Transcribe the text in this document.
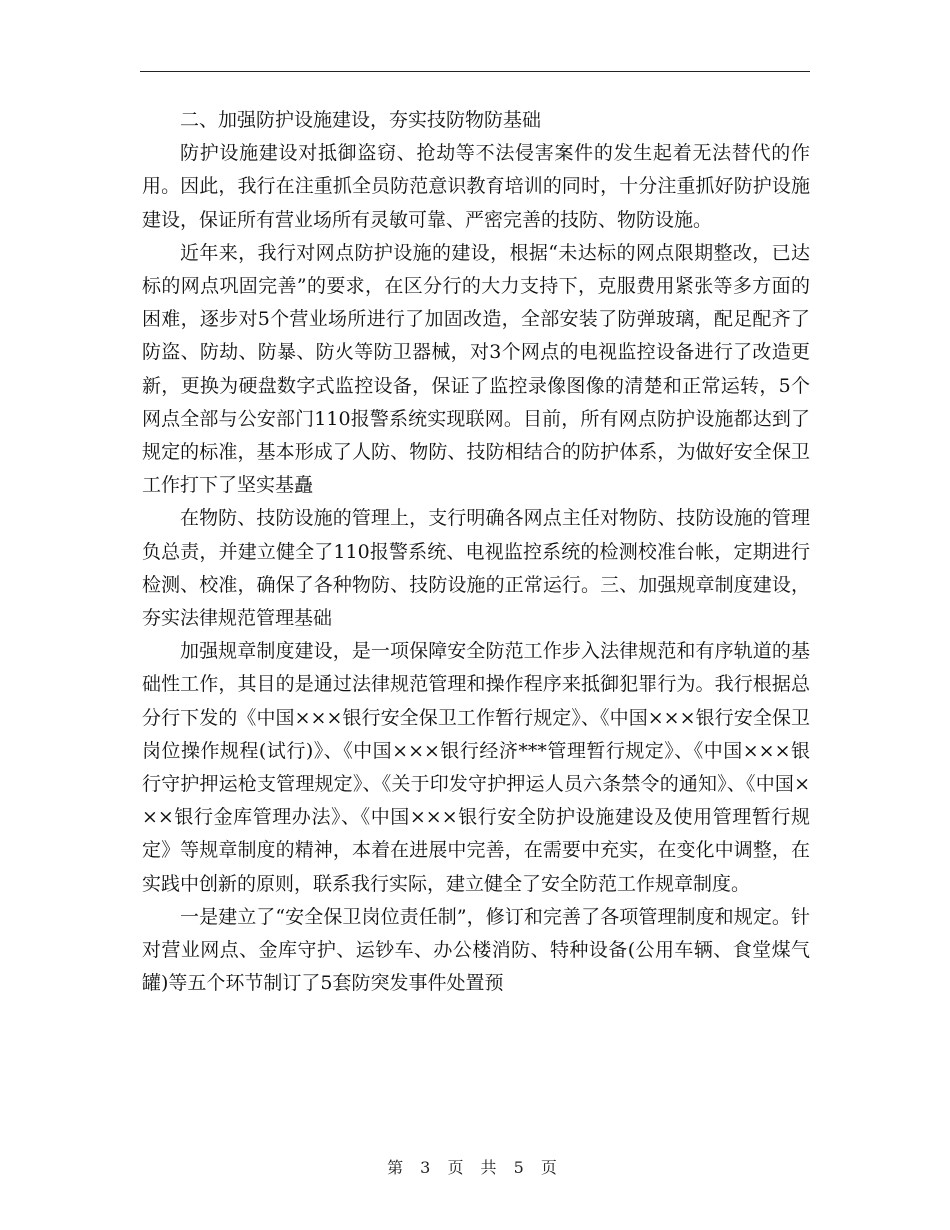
二、加强防护设施建设，夯实技防物防基础

防护设施建设对抵御盗窃、抢劫等不法侵害案件的发生起着无法替代的作用。因此，我行在注重抓全员防范意识教育培训的同时，十分注重抓好防护设施建设，保证所有营业场所有灵敏可靠、严密完善的技防、物防设施。

近年来，我行对网点防护设施的建设，根据“未达标的网点限期整改，已达标的网点巩固完善”的要求，在区分行的大力支持下，克服费用紧张等多方面的困难，逐步对5个营业场所进行了加固改造，全部安装了防弹玻璃，配足配齐了防盗、防劫、防暴、防火等防卫器械，对3个网点的电视监控设备进行了改造更新，更换为硬盘数字式监控设备，保证了监控录像图像的清楚和正常运转，5个网点全部与公安部门110报警系统实现联网。目前，所有网点防护设施都达到了规定的标准，基本形成了人防、物防、技防相结合的防护体系，为做好安全保卫工作打下了坚实基矗

在物防、技防设施的管理上，支行明确各网点主任对物防、技防设施的管理负总责，并建立健全了110报警系统、电视监控系统的检测校准台帐，定期进行检测、校准，确保了各种物防、技防设施的正常运行。三、加强规章制度建设，夯实法律规范管理基础

加强规章制度建设，是一项保障安全防范工作步入法律规范和有序轨道的基础性工作，其目的是通过法律规范管理和操作程序来抵御犯罪行为。我行根据总分行下发的《中国×××银行安全保卫工作暂行规定》、《中国×××银行安全保卫岗位操作规程(试行)》、《中国×××银行经济***管理暂行规定》、《中国×××银行守护押运枪支管理规定》、《关于印发守护押运人员六条禁令的通知》、《中国×××银行金库管理办法》、《中国×××银行安全防护设施建设及使用管理暂行规定》等规章制度的精神，本着在进展中完善，在需要中充实，在变化中调整，在实践中创新的原则，联系我行实际，建立健全了安全防范工作规章制度。

一是建立了“安全保卫岗位责任制”，修订和完善了各项管理制度和规定。针对营业网点、金库守护、运钞车、办公楼消防、特种设备(公用车辆、食堂煤气罐)等五个环节制订了5套防突发事件处置预

第 3 页 共 5 页
